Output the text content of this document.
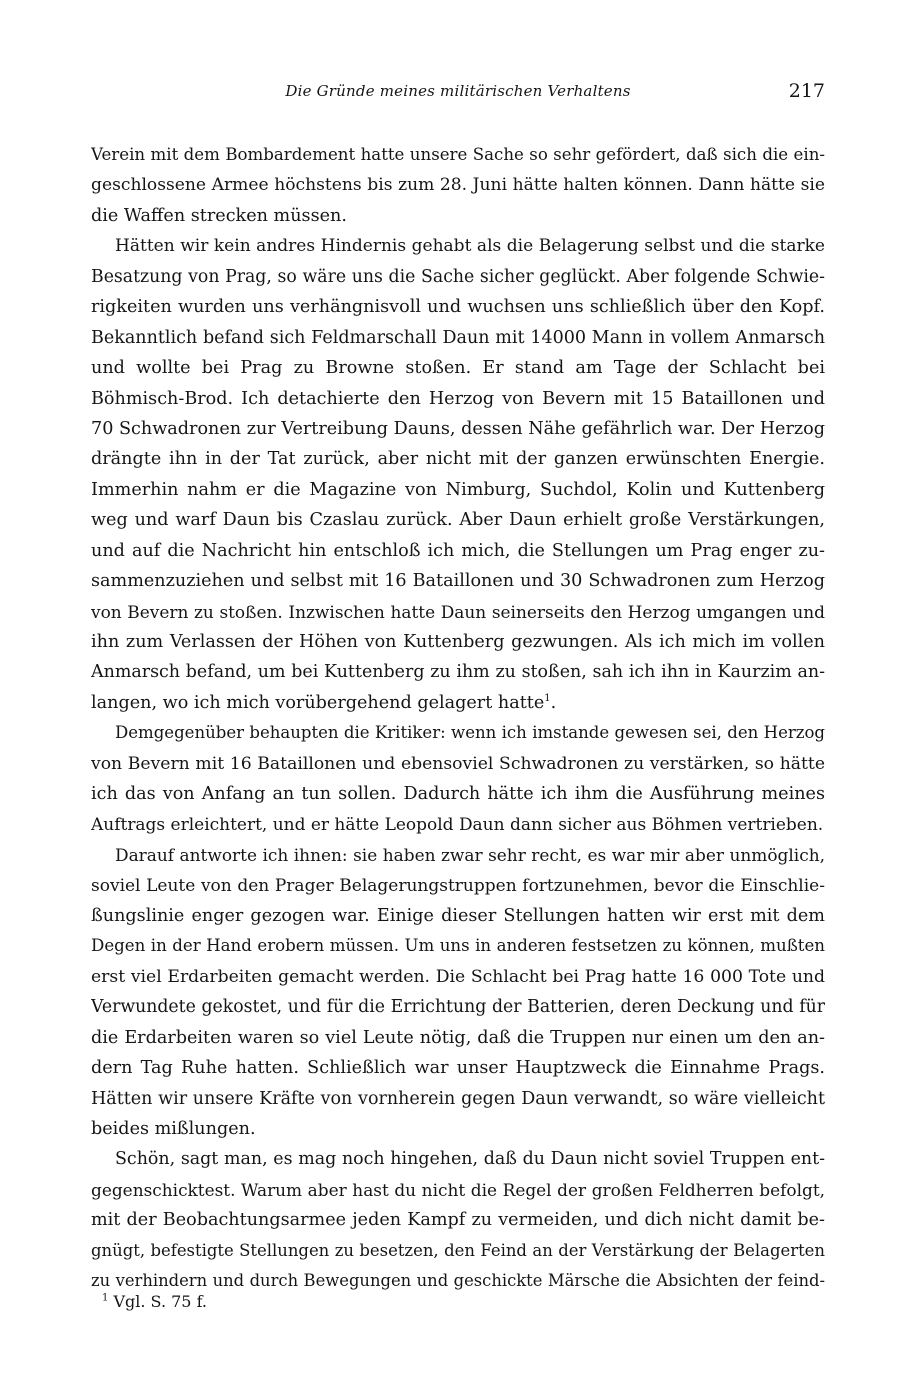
Die Gründe meines militärischen Verhaltens	217
Verein mit dem Bombardement hatte unsere Sache so sehr gefördert, daß sich die ein-
geschlossene Armee höchstens bis zum 28. Juni hätte halten können. Dann hätte sie
die Waffen strecken müssen.
Hätten wir kein andres Hindernis gehabt als die Belagerung selbst und die starke
Besatzung von Prag, so wäre uns die Sache sicher geglückt. Aber folgende Schwie-
rigkeiten wurden uns verhängnisvoll und wuchsen uns schließlich über den Kopf.
Bekanntlich befand sich Feldmarschall Daun mit 14000 Mann in vollem Anmarsch
und wollte bei Prag zu Browne stoßen. Er stand am Tage der Schlacht bei
Böhmisch-Brod. Ich detachierte den Herzog von Bevern mit 15 Bataillonen und
70 Schwadronen zur Vertreibung Dauns, dessen Nähe gefährlich war. Der Herzog
drängte ihn in der Tat zurück, aber nicht mit der ganzen erwünschten Energie.
Immerhin nahm er die Magazine von Nimburg, Suchdol, Kolin und Kuttenberg
weg und warf Daun bis Czaslau zurück. Aber Daun erhielt große Verstärkungen,
und auf die Nachricht hin entschloß ich mich, die Stellungen um Prag enger zu-
sammenzuziehen und selbst mit 16 Bataillonen und 30 Schwadronen zum Herzog
von Bevern zu stoßen. Inzwischen hatte Daun seinerseits den Herzog umgangen und
ihn zum Verlassen der Höhen von Kuttenberg gezwungen. Als ich mich im vollen
Anmarsch befand, um bei Kuttenberg zu ihm zu stoßen, sah ich ihn in Kaurzim an-
langen, wo ich mich vorübergehend gelagert hatte$^1$.
Demgegenüber behaupten die Kritiker: wenn ich imstande gewesen sei, den Herzog
von Bevern mit 16 Bataillonen und ebensoviel Schwadronen zu verstärken, so hätte
ich das von Anfang an tun sollen. Dadurch hätte ich ihm die Ausführung meines
Auftrags erleichtert, und er hätte Leopold Daun dann sicher aus Böhmen vertrieben.
Darauf antworte ich ihnen: sie haben zwar sehr recht, es war mir aber unmöglich,
soviel Leute von den Prager Belagerungstruppen fortzunehmen, bevor die Einschlie-
ßungslinie enger gezogen war. Einige dieser Stellungen hatten wir erst mit dem
Degen in der Hand erobern müssen. Um uns in anderen festsetzen zu können, mußten
erst viel Erdarbeiten gemacht werden. Die Schlacht bei Prag hatte 16 000 Tote und
Verwundete gekostet, und für die Errichtung der Batterien, deren Deckung und für
die Erdarbeiten waren so viel Leute nötig, daß die Truppen nur einen um den an-
dern Tag Ruhe hatten. Schließlich war unser Hauptzweck die Einnahme Prags.
Hätten wir unsere Kräfte von vornherein gegen Daun verwandt, so wäre vielleicht
beides mißlungen.
Schön, sagt man, es mag noch hingehen, daß du Daun nicht soviel Truppen ent-
gegenschicktest. Warum aber hast du nicht die Regel der großen Feldherren befolgt,
mit der Beobachtungsarmee jeden Kampf zu vermeiden, und dich nicht damit be-
gnügt, befestigte Stellungen zu besetzen, den Feind an der Verstärkung der Belagerten
zu verhindern und durch Bewegungen und geschickte Märsche die Absichten der feind-
$^1$ Vgl. S. 75 f.
